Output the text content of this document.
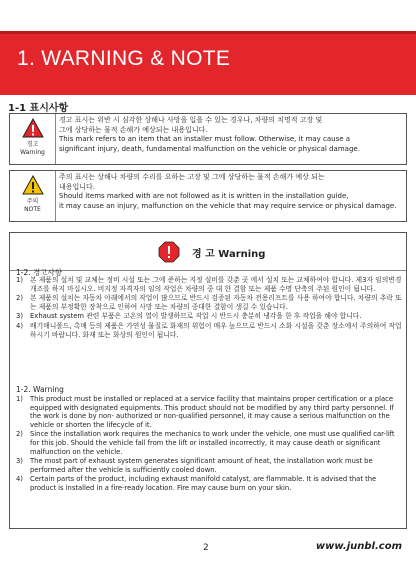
1. WARNING & NOTE
1-1 표시사항
경고
Warning
경고 표시는 위반 시 심각한 상해나 사망을 입을 수 있는 경우나, 차량의 치명적 고장 및
그에 상당하는 물적 손해가 예상되는 내용입니다.
This mark refers to an item that an installer must follow. Otherwise, it may cause a
significant injury, death, fundamental malfunction on the vehicle or physical damage.
주의
NOTE
주의 표시는 상해나 차량의 수리를 요하는 고장 및 그에 상당하는 물적 손해가 예상 되는
내용입니다.
Should items marked with are not followed as it is written in the installation guide,
it may cause an injury, malfunction on the vehicle that may require service or physical damage.
경 고 Warning
1-2. 경고사항
1) 본 제품의 설치 및 교체는 정비 시설 또는 그에 준하는 지정 설비를 갖춘 곳 에서 설치 또는 교체하여야 합니다. 제3자 임의변경 개조를 하지 마십시오. 비지정 자격자의 임의 작업은 차량의 중 대 한 결함 또는 제품 수명 단축의 주된 원인이 됩니다.
2) 본 제품의 설치는 자동차 아래에서의 작업이 많으므로 반드시 검증된 자동차 전용리프트를 사용 하여야 합니다. 차량의 추락 또는 제품의 부정확한 장착으로 인하여 사망 또는 차량의 중대한 결함이 생길 수 있습니다.
3) Exhaust system 관련 부품은 고온의 열이 발생하므로 작업 시 반드시 충분히 냉각을 한 후 작업을 해야 합니다.
4) 배기매니폴드, 촉매 등의 제품은 가연성 물질로 화재의 위험이 매우 높으므로 반드시 소화 시설을 갖춘 장소에서 주의하여 작업하시기 바랍니다. 화재 또는 화상의 원인이 됩니다.
1-2. Warning
1) This product must be installed or replaced at a service facility that maintains proper certification or a place equipped with designated equipments. This product should not be modified by any third party personnel. If the work is done by non- authorized or non-qualified personnel, it may cause a serious malfunction on the vehicle or shorten the lifecycle of it.
2) Since the installation work requires the mechanics to work under the vehicle, one must use qualified car-lift for this job. Should the vehicle fall from the lift or installed incorrectly, it may cause death or significant malfunction on the vehicle.
3) The most part of exhaust system generates significant amount of heat, the installation work must be performed after the vehicle is sufficiently cooled down.
4) Certain parts of the product, including exhaust manifold catalyst, are flammable. It is advised that the product is installed in a fire-ready location. Fire may cause burn on your skin.
2	www.junbl.com
